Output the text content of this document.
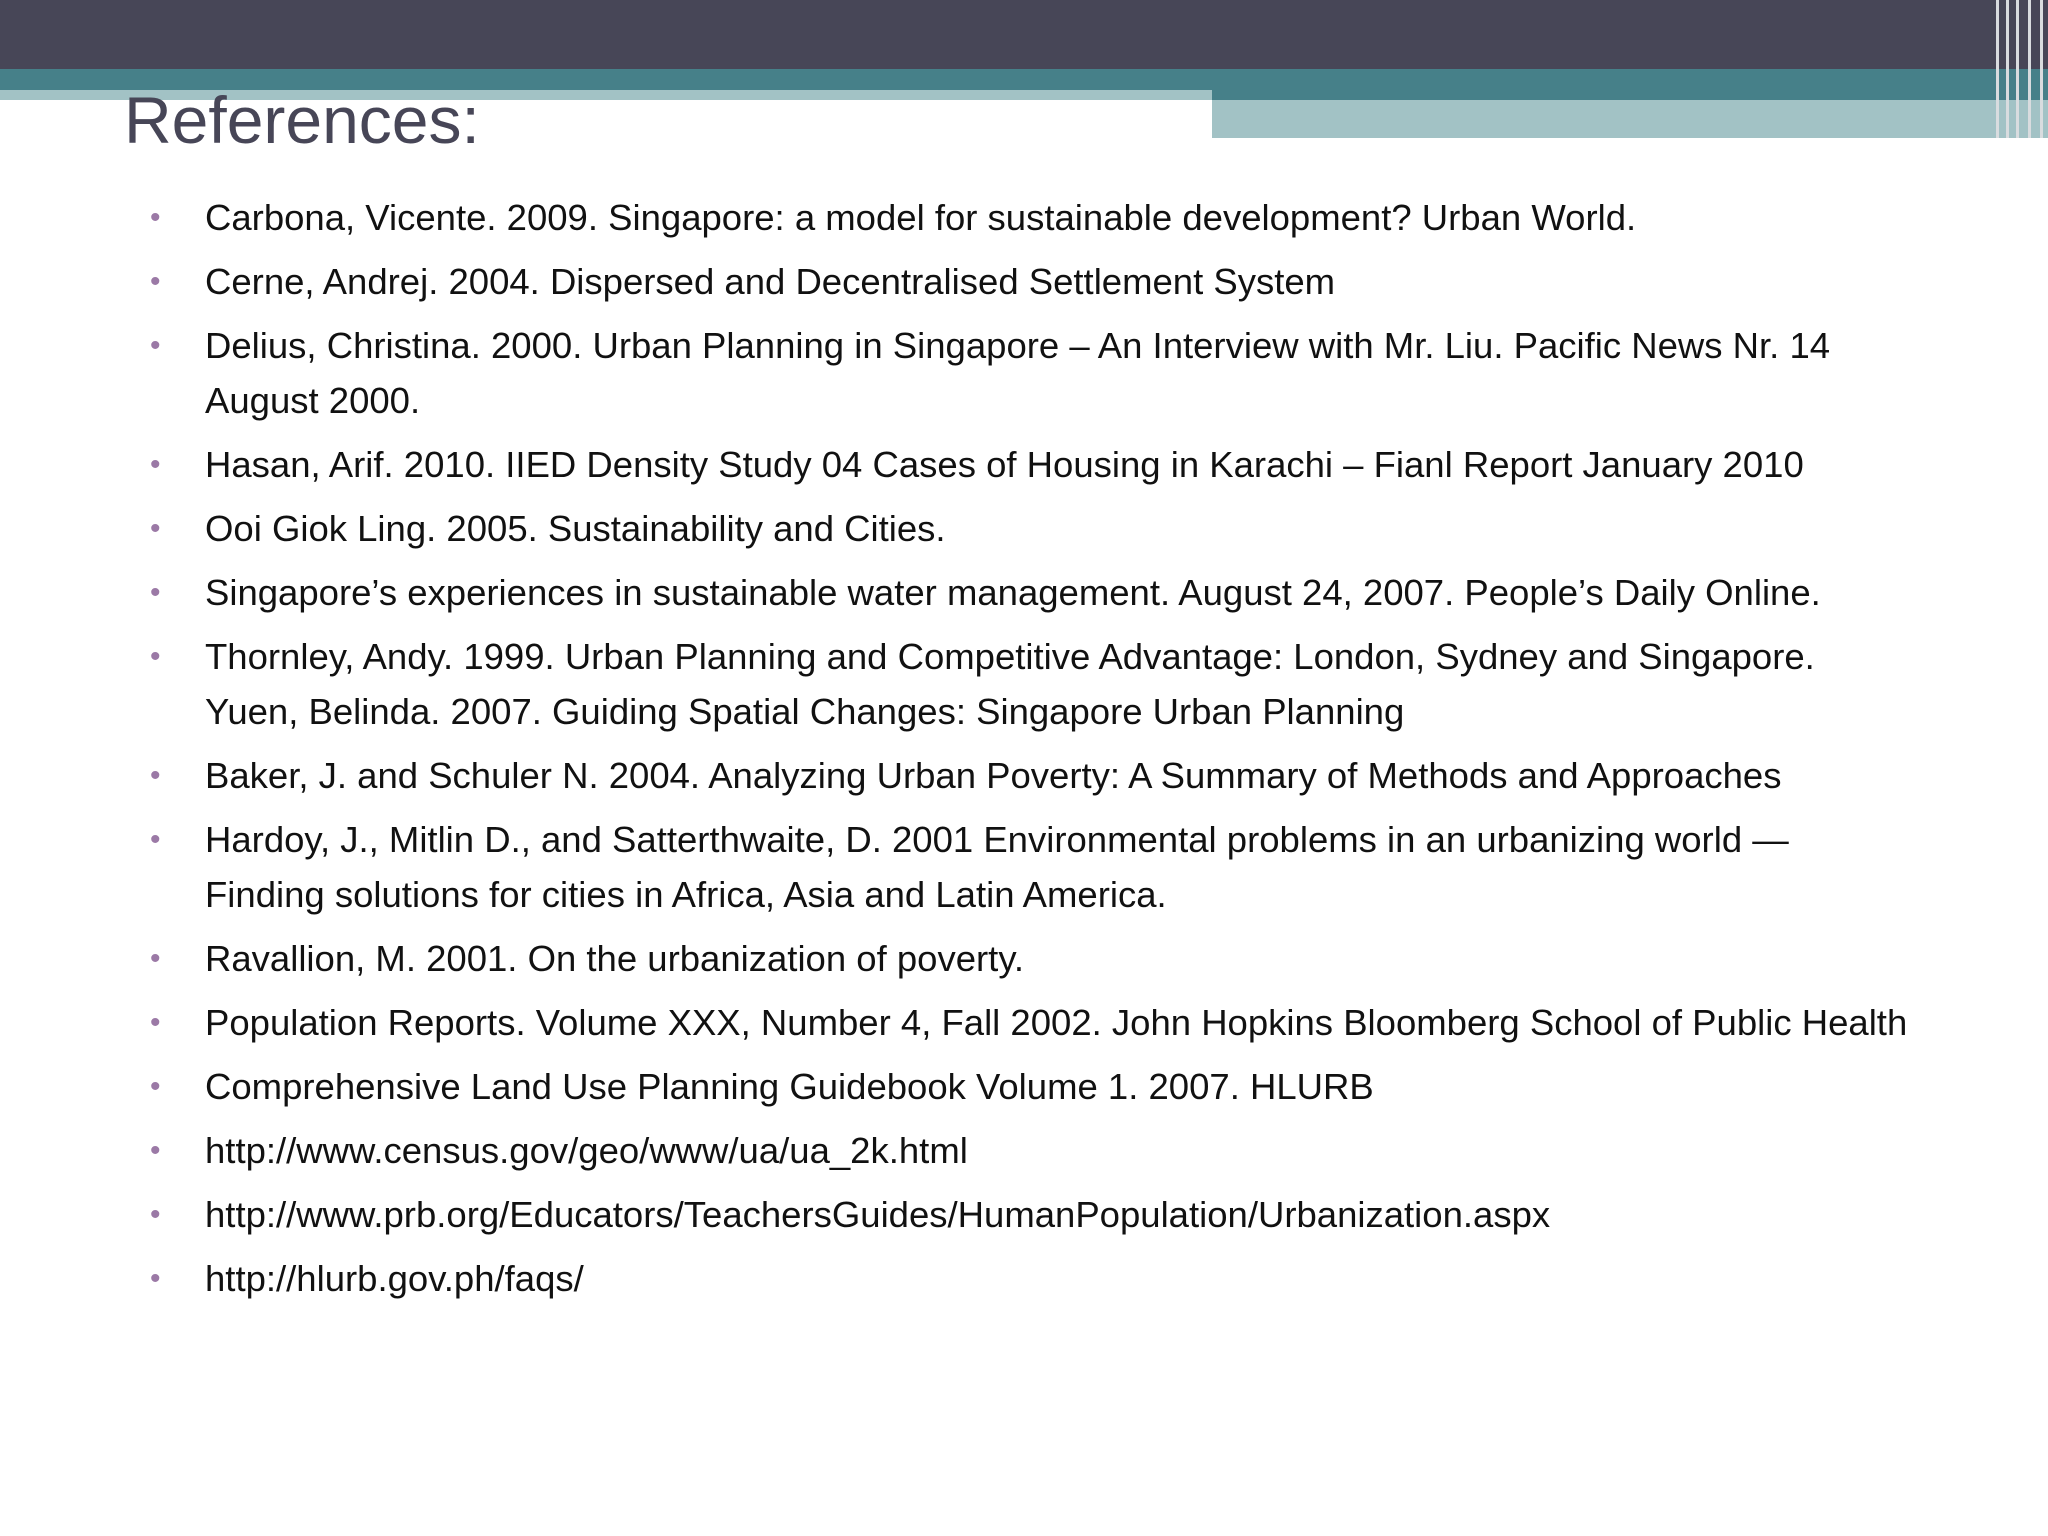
References:
• Carbona, Vicente. 2009. Singapore: a model for sustainable development? Urban World.
• Cerne, Andrej. 2004. Dispersed and Decentralised Settlement System
• Delius, Christina. 2000. Urban Planning in Singapore – An Interview with Mr. Liu. Pacific News Nr. 14 August 2000.
• Hasan, Arif. 2010. IIED Density Study 04 Cases of Housing in Karachi – Fianl Report January 2010
• Ooi Giok Ling. 2005. Sustainability and Cities.
• Singapore’s experiences in sustainable water management. August 24, 2007. People’s Daily Online.
• Thornley, Andy. 1999. Urban Planning and Competitive Advantage: London, Sydney and Singapore. Yuen, Belinda. 2007. Guiding Spatial Changes: Singapore Urban Planning
• Baker, J. and Schuler N. 2004. Analyzing Urban Poverty: A Summary of Methods and Approaches
• Hardoy, J., Mitlin D., and Satterthwaite, D. 2001 Environmental problems in an urbanizing world — Finding solutions for cities in Africa, Asia and Latin America.
• Ravallion, M. 2001. On the urbanization of poverty.
• Population Reports. Volume XXX, Number 4, Fall 2002. John Hopkins Bloomberg School of Public Health
• Comprehensive Land Use Planning Guidebook Volume 1. 2007. HLURB
• http://www.census.gov/geo/www/ua/ua_2k.html
• http://www.prb.org/Educators/TeachersGuides/HumanPopulation/Urbanization.aspx
• http://hlurb.gov.ph/faqs/
